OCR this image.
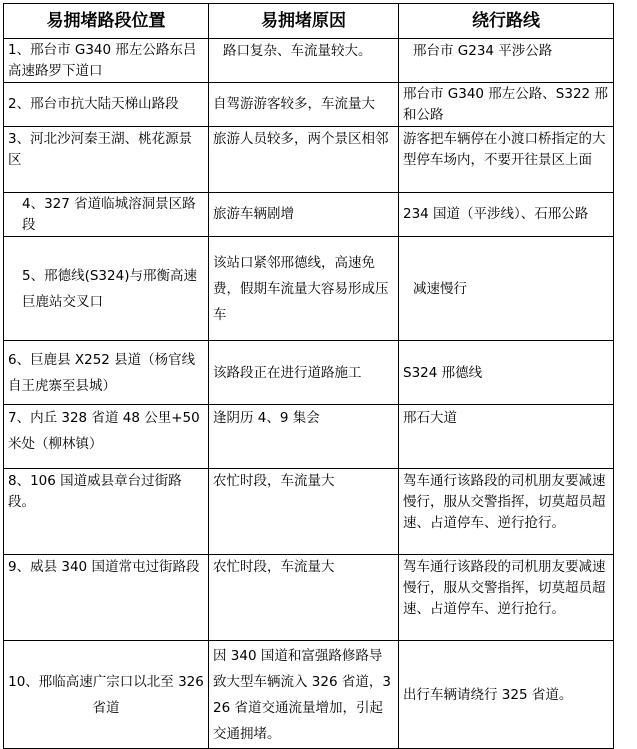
易拥堵路段位置	易拥堵原因	绕行路线
1、邢台市 G340 邢左公路东吕高速路罗下道口	路口复杂、车流量较大。	邢台市 G234 平涉公路
2、邢台市抗大陆天梯山路段	自驾游游客较多，车流量大	邢台市 G340 邢左公路、S322 邢和公路
3、河北沙河秦王湖、桃花源景区	旅游人员较多，两个景区相邻	游客把车辆停在小渡口桥指定的大型停车场内，不要开往景区上面
4、327 省道临城溶洞景区路段	旅游车辆剧增	234 国道（平涉线）、石邢公路
5、邢德线(S324)与邢衡高速巨鹿站交叉口	该站口紧邻邢德线，高速免费，假期车流量大容易形成压车	减速慢行
6、巨鹿县 X252 县道（杨官线自王虎寨至县城）	该路段正在进行道路施工	S324 邢德线
7、内丘 328 省道 48 公里+50 米处（柳林镇）	逢阴历 4、9 集会	邢石大道
8、106 国道威县章台过街路段。	农忙时段，车流量大	驾车通行该路段的司机朋友要减速慢行，服从交警指挥，切莫超员超速、占道停车、逆行抢行。
9、威县 340 国道常屯过街路段	农忙时段，车流量大	驾车通行该路段的司机朋友要减速慢行，服从交警指挥，切莫超员超速、占道停车、逆行抢行。
10、邢临高速广宗口以北至 326 省道	因 340 国道和富强路修路导致大型车辆流入 326 省道，326 省道交通流量增加，引起交通拥堵。	出行车辆请绕行 325 省道。
